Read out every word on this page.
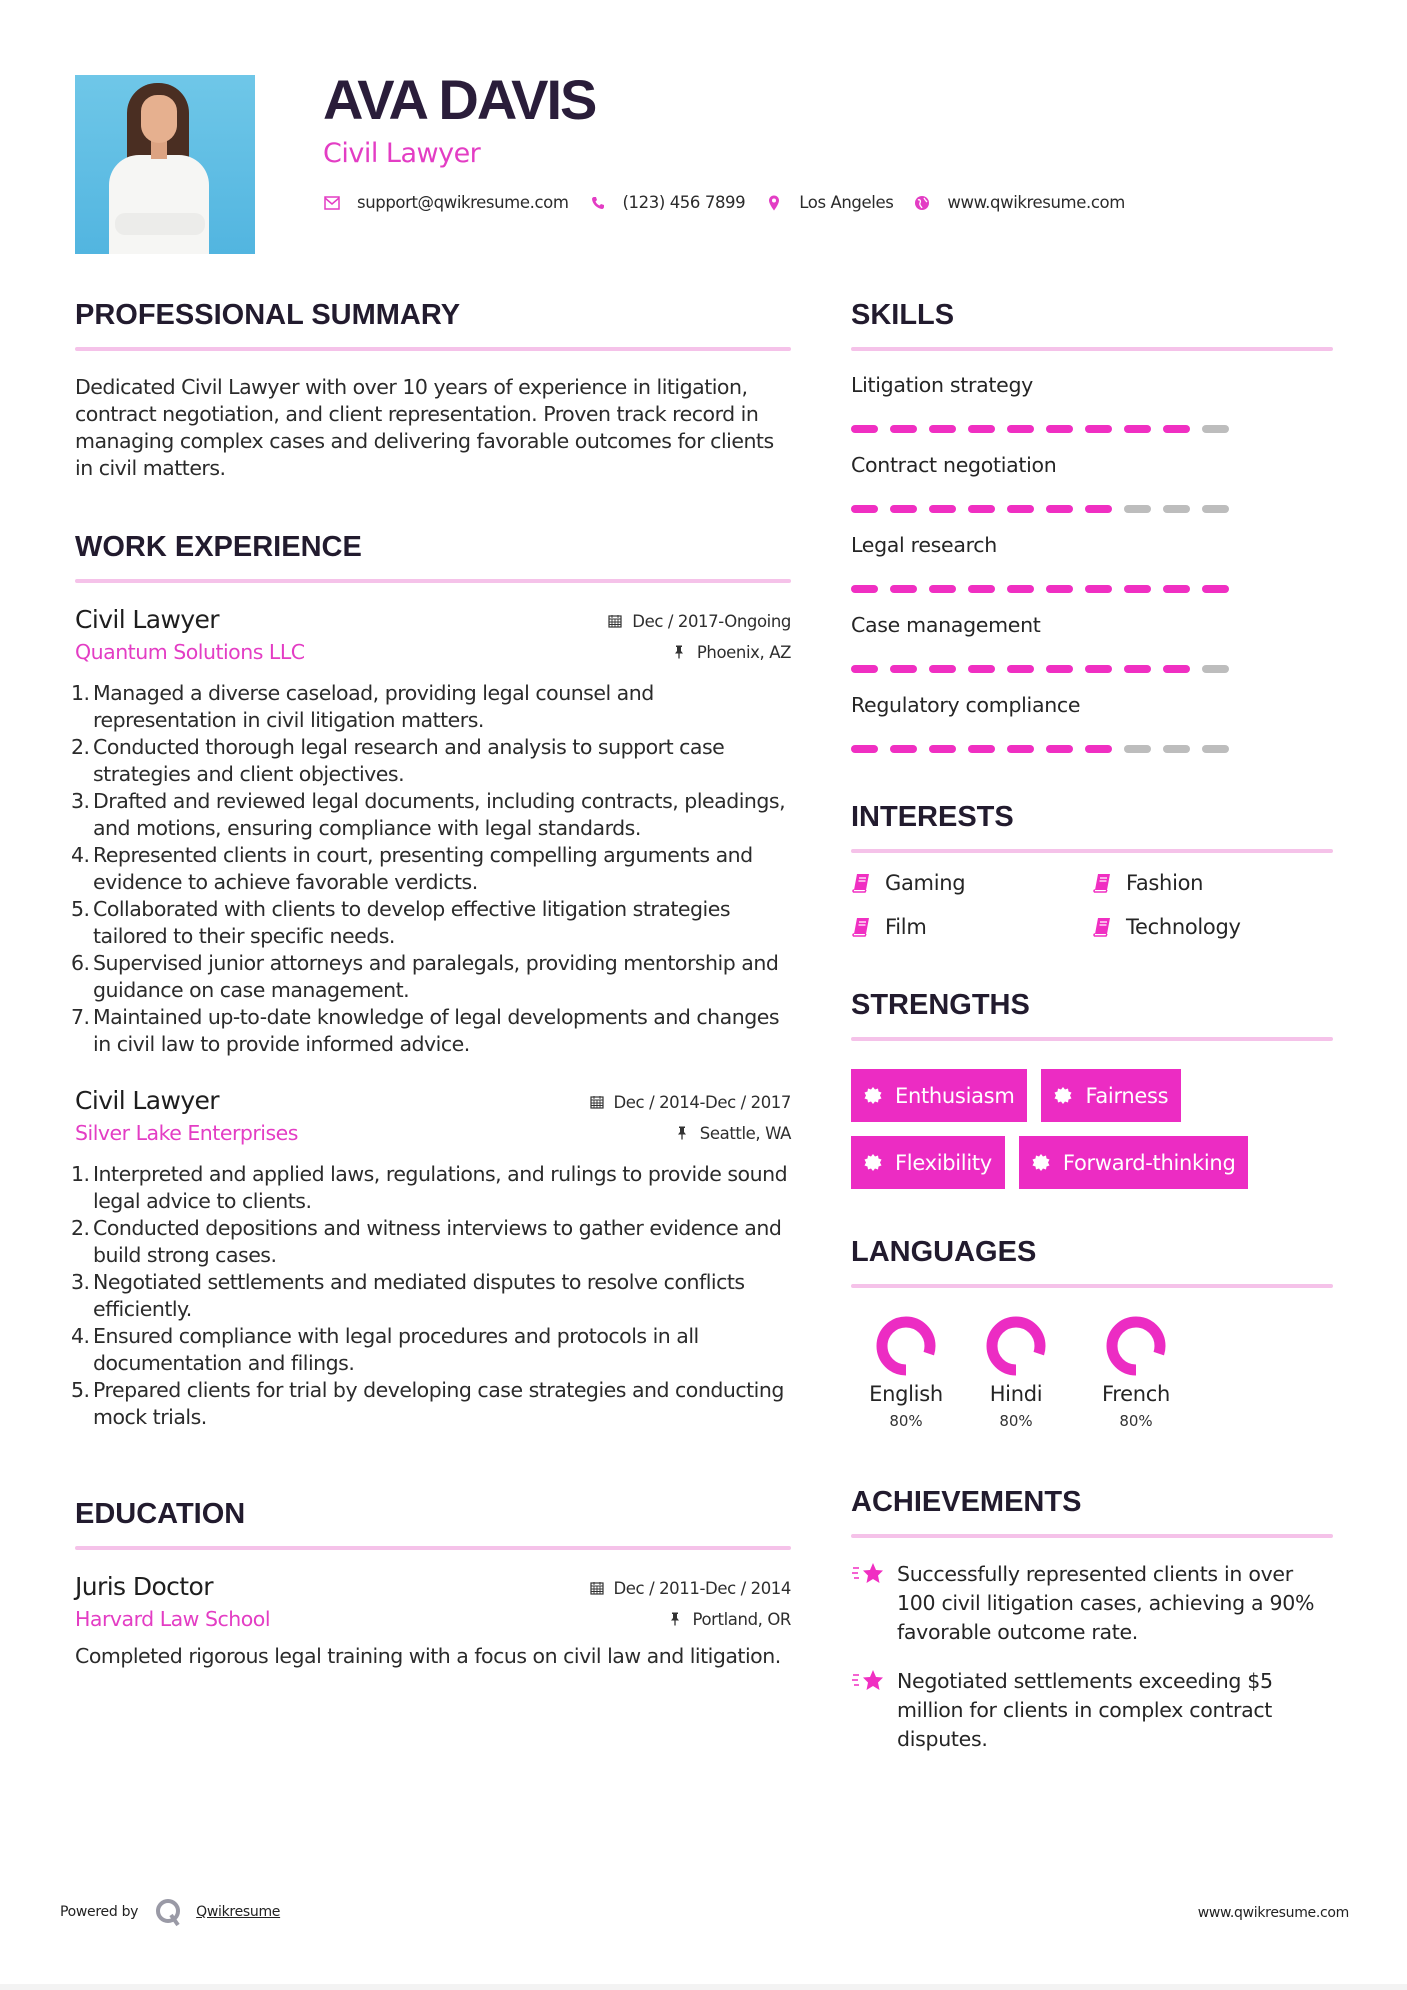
AVA DAVIS
Civil Lawyer
support@qwikresume.com	(123) 456 7899	Los Angeles	www.qwikresume.com
PROFESSIONAL SUMMARY

Dedicated Civil Lawyer with over 10 years of experience in litigation, contract negotiation, and client representation. Proven track record in managing complex cases and delivering favorable outcomes for clients in civil matters.

WORK EXPERIENCE
Civil Lawyer	Dec / 2017-Ongoing
Quantum Solutions LLC	Phoenix, AZ
Managed a diverse caseload, providing legal counsel and representation in civil litigation matters.
Conducted thorough legal research and analysis to support case strategies and client objectives.
Drafted and reviewed legal documents, including contracts, pleadings, and motions, ensuring compliance with legal standards.
Represented clients in court, presenting compelling arguments and evidence to achieve favorable verdicts.
Collaborated with clients to develop effective litigation strategies tailored to their specific needs.
Supervised junior attorneys and paralegals, providing mentorship and guidance on case management.
Maintained up-to-date knowledge of legal developments and changes in civil law to provide informed advice.
Civil Lawyer	Dec / 2014-Dec / 2017
Silver Lake Enterprises	Seattle, WA
Interpreted and applied laws, regulations, and rulings to provide sound legal advice to clients.
Conducted depositions and witness interviews to gather evidence and build strong cases.
Negotiated settlements and mediated disputes to resolve conflicts efficiently.
Ensured compliance with legal procedures and protocols in all documentation and filings.
Prepared clients for trial by developing case strategies and conducting mock trials.
EDUCATION
Juris Doctor	Dec / 2011-Dec / 2014
Harvard Law School	Portland, OR

Completed rigorous legal training with a focus on civil law and litigation.

SKILLS
Litigation strategy
Contract negotiation
Legal research
Case management
Regulatory compliance
INTERESTS
Gaming	Fashion
Film	Technology
STRENGTHS
Enthusiasm	Fairness
Flexibility	Forward-thinking
LANGUAGES
English
80%
Hindi
80%
French
80%
ACHIEVEMENTS
Successfully represented clients in over 100 civil litigation cases, achieving a 90% favorable outcome rate.
Negotiated settlements exceeding $5 million for clients in complex contract disputes.
Powered by	Qwikresume	www.qwikresume.com
